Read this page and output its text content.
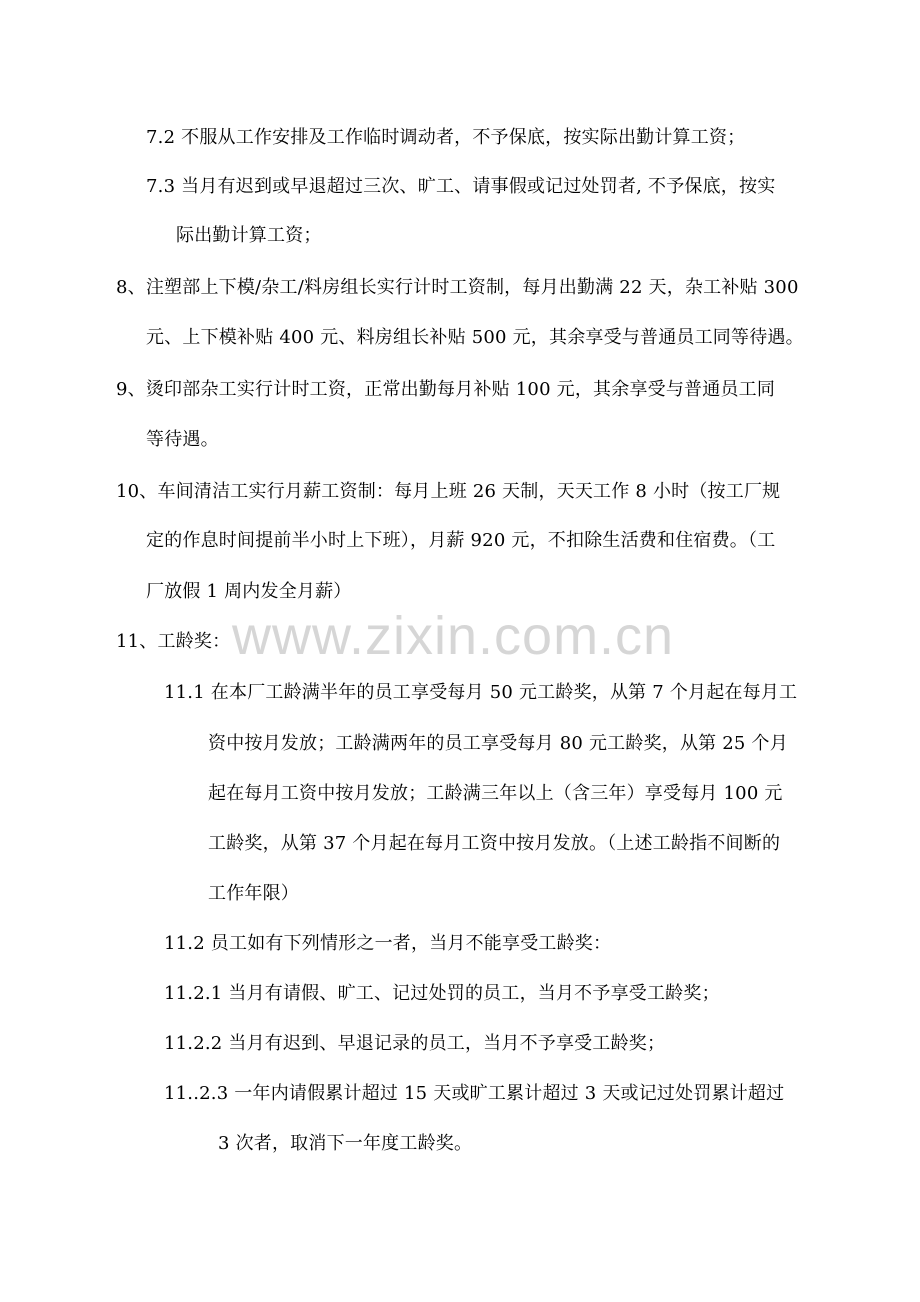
7.2 不服从工作安排及工作临时调动者，不予保底，按实际出勤计算工资；

7.3 当月有迟到或早退超过三次、旷工、请事假或记过处罚者, 不予保底，按实

际出勤计算工资；

8、注塑部上下模/杂工/料房组长实行计时工资制，每月出勤满 22 天，杂工补贴 300

元、上下模补贴 400 元、料房组长补贴 500 元，其余享受与普通员工同等待遇。

9、烫印部杂工实行计时工资，正常出勤每月补贴 100 元，其余享受与普通员工同

等待遇。

10、车间清洁工实行月薪工资制：每月上班 26 天制，天天工作 8 小时（按工厂规

定的作息时间提前半小时上下班），月薪 920 元，不扣除生活费和住宿费。（工

厂放假 1 周内发全月薪）

11、工龄奖：

11.1 在本厂工龄满半年的员工享受每月 50 元工龄奖，从第 7 个月起在每月工

资中按月发放；工龄满两年的员工享受每月 80 元工龄奖，从第 25 个月

起在每月工资中按月发放；工龄满三年以上（含三年）享受每月 100 元

工龄奖，从第 37 个月起在每月工资中按月发放。（上述工龄指不间断的

工作年限）

11.2 员工如有下列情形之一者，当月不能享受工龄奖：

11.2.1 当月有请假、旷工、记过处罚的员工，当月不予享受工龄奖；

11.2.2 当月有迟到、早退记录的员工，当月不予享受工龄奖；

11..2.3 一年内请假累计超过 15 天或旷工累计超过 3 天或记过处罚累计超过

3 次者，取消下一年度工龄奖。

www.zixin.com.cn
